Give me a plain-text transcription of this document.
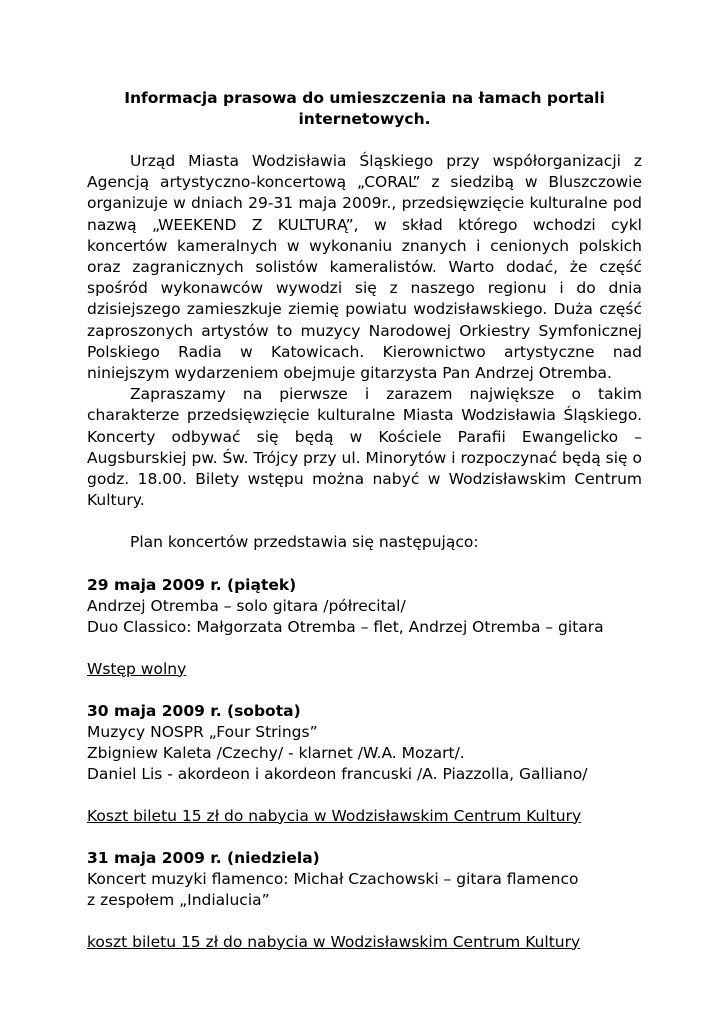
Informacja prasowa do umieszczenia na łamach portali
internetowych.

Urząd Miasta Wodzisławia Śląskiego przy współorganizacji z Agencją artystyczno-koncertową „CORAL” z siedzibą w Bluszczowie organizuje w dniach 29-31 maja 2009r., przedsięwzięcie kulturalne pod nazwą „WEEKEND Z KULTURĄ”, w skład którego wchodzi cykl koncertów kameralnych w wykonaniu znanych i cenionych polskich oraz zagranicznych solistów kameralistów. Warto dodać, że część spośród wykonawców wywodzi się z naszego regionu i do dnia dzisiejszego zamieszkuje ziemię powiatu wodzisławskiego. Duża część zaproszonych artystów to muzycy Narodowej Orkiestry Symfonicznej Polskiego Radia w Katowicach. Kierownictwo artystyczne nad niniejszym wydarzeniem obejmuje gitarzysta Pan Andrzej Otremba.

Zapraszamy na pierwsze i zarazem największe o takim charakterze przedsięwzięcie kulturalne Miasta Wodzisławia Śląskiego. Koncerty odbywać się będą w Kościele Parafii Ewangelicko – Augsburskiej pw. Św. Trójcy przy ul. Minorytów i rozpoczynać będą się o godz. 18.00. Bilety wstępu można nabyć w Wodzisławskim Centrum Kultury.

Plan koncertów przedstawia się następująco:

29 maja 2009 r. (piątek)
Andrzej Otremba – solo gitara /półrecital/
Duo Classico: Małgorzata Otremba – flet, Andrzej Otremba – gitara
Wstęp wolny
30 maja 2009 r. (sobota)
Muzycy NOSPR „Four Strings”
Zbigniew Kaleta /Czechy/ - klarnet /W.A. Mozart/.
Daniel Lis - akordeon i akordeon francuski /A. Piazzolla, Galliano/
Koszt biletu 15 zł do nabycia w Wodzisławskim Centrum Kultury
31 maja 2009 r. (niedziela)
Koncert muzyki flamenco: Michał Czachowski – gitara flamenco
z zespołem „Indialucia”
koszt biletu 15 zł do nabycia w Wodzisławskim Centrum Kultury
